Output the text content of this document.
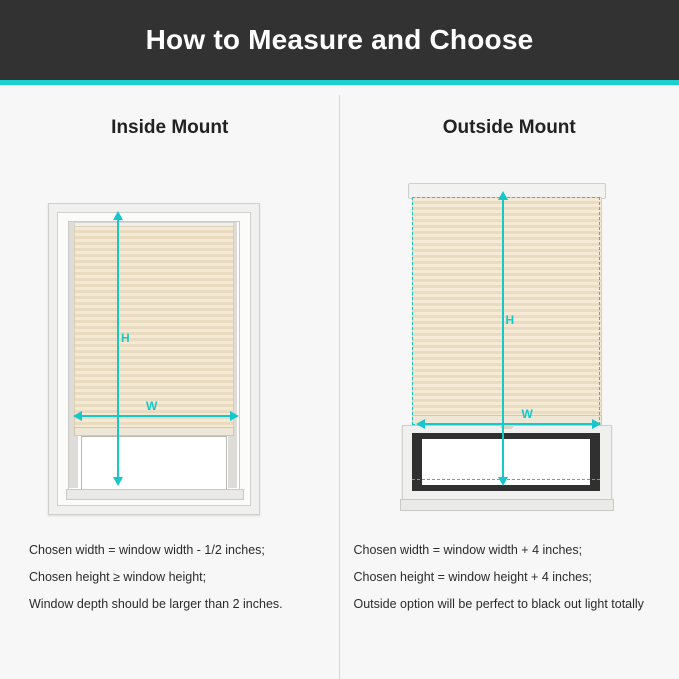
How to Measure and Choose
Inside Mount
H
W
Chosen width = window width - 1/2 inches;
Chosen height ≥ window height;
Window depth should be larger than 2 inches.
Outside Mount
H
W
Chosen width = window width + 4 inches;
Chosen height = window height + 4 inches;
Outside option will be perfect to black out light totally
